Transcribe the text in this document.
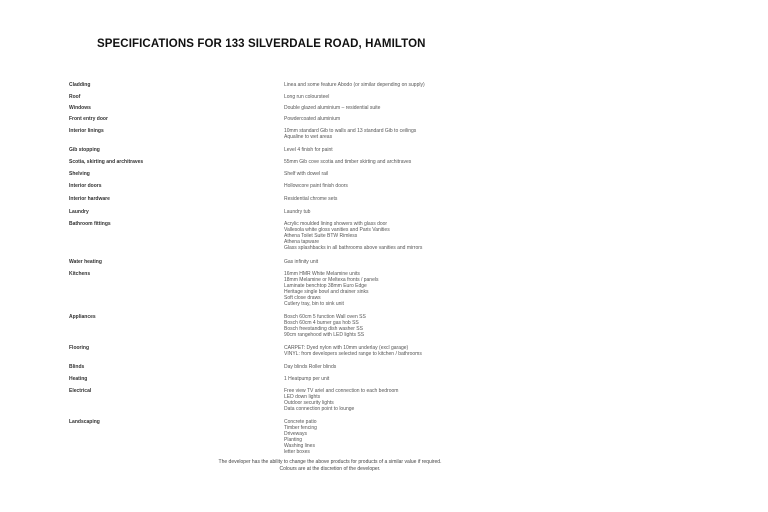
SPECIFICATIONS FOR 133 SILVERDALE ROAD, HAMILTON
Cladding	Linea and some feature Abodo (or similar depending on supply)
Roof	Long run coloursteel
Windows	Double glazed aluminium – residential suite
Front entry door	Powdercoated aluminium
Interior linings	10mm standard Gib to walls and 13 standard Gib to ceilings
Aqualine to wet areas
Gib stopping	Level 4 finish for paint
Scotia, skirting and architraves	55mm Gib cove scotia and timber skirting and architraves
Shelving	Shelf with dowel rail
Interior doors	Hollowcore paint finish doors
Interior hardware	Residential chrome sets
Laundry	Laundry tub
Bathroom fittings	Acrylic moulded lining showers with glass door
Vallesola white gloss vanities and Paris Vanities
Athena Toilet Suite BTW Rimless
Athena tapware
Glass splashbacks in all bathrooms above vanities and mirrors
Water heating	Gas infinity unit
Kitchens	16mm HMR White Melamine units
18mm Melamine or Meltexa fronts / panels
Laminate benchtop 38mm Euro Edge
Heritage single bowl and drainer sinks
Soft close draws
Cutlery tray, bin to sink unit
Appliances	Bosch 60cm 5 function Wall oven SS
Bosch 60cm 4 burner gas hob SS
Bosch freestanding dish washer SS
90cm rangehood with LED lights SS
Flooring	CARPET: Dyed nylon with 10mm underlay (excl garage)
VINYL: from developers selected range to kitchen / bathrooms
Blinds	Day blinds Roller blinds
Heating	1 Heatpump per unit
Electrical	Free view TV ariel and connection to each bedroom
LED down lights
Outdoor security lights
Data connection point to lounge
Landscaping	Concrete patio
Timber fencing
Driveways
Planting
Washing lines
letter boxes
The developer has the ability to change the above products for products of a similar value if required.
Colours are at the discretion of the developer.
